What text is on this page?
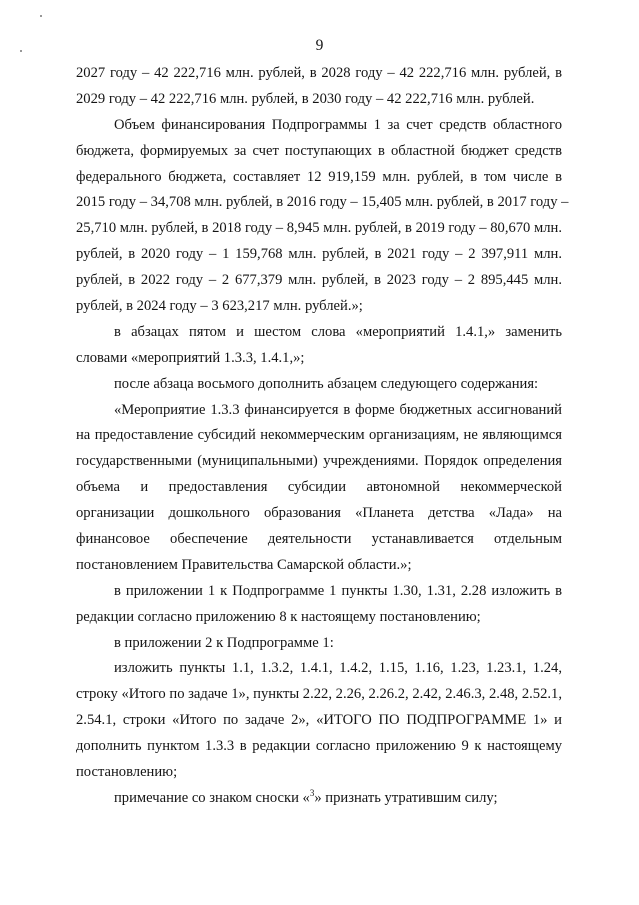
9
2027 году – 42 222,716 млн. рублей, в 2028 году – 42 222,716 млн. рублей, в
2029 году – 42 222,716 млн. рублей, в 2030 году – 42 222,716 млн. рублей.
Объем финансирования Подпрограммы 1 за счет средств областного
бюджета, формируемых за счет поступающих в областной бюджет средств
федерального бюджета, составляет 12 919,159 млн. рублей, в том числе в
2015 году – 34,708 млн. рублей, в 2016 году – 15,405 млн. рублей, в 2017 году –
25,710 млн. рублей, в 2018 году – 8,945 млн. рублей, в 2019 году – 80,670 млн.
рублей, в 2020 году – 1 159,768 млн. рублей, в 2021 году – 2 397,911 млн.
рублей, в 2022 году – 2 677,379 млн. рублей, в 2023 году – 2 895,445 млн.
рублей, в 2024 году – 3 623,217 млн. рублей.»;
в абзацах пятом и шестом слова «мероприятий 1.4.1,» заменить
словами «мероприятий 1.3.3, 1.4.1,»;
после абзаца восьмого дополнить абзацем следующего содержания:
«Мероприятие 1.3.3 финансируется в форме бюджетных ассигнований
на предоставление субсидий некоммерческим организациям, не являющимся
государственными (муниципальными) учреждениями. Порядок определения
объема и предоставления субсидии автономной некоммерческой
организации дошкольного образования «Планета детства «Лада» на
финансовое обеспечение деятельности устанавливается отдельным
постановлением Правительства Самарской области.»;
в приложении 1 к Подпрограмме 1 пункты 1.30, 1.31, 2.28 изложить в
редакции согласно приложению 8 к настоящему постановлению;
в приложении 2 к Подпрограмме 1:
изложить пункты 1.1, 1.3.2, 1.4.1, 1.4.2, 1.15, 1.16, 1.23, 1.23.1, 1.24,
строку «Итого по задаче 1», пункты 2.22, 2.26, 2.26.2, 2.42, 2.46.3, 2.48, 2.52.1,
2.54.1, строки «Итого по задаче 2», «ИТОГО ПО ПОДПРОГРАММЕ 1» и
дополнить пунктом 1.3.3 в редакции согласно приложению 9 к настоящему
постановлению;
примечание со знаком сноски «$^3$» признать утратившим силу;
